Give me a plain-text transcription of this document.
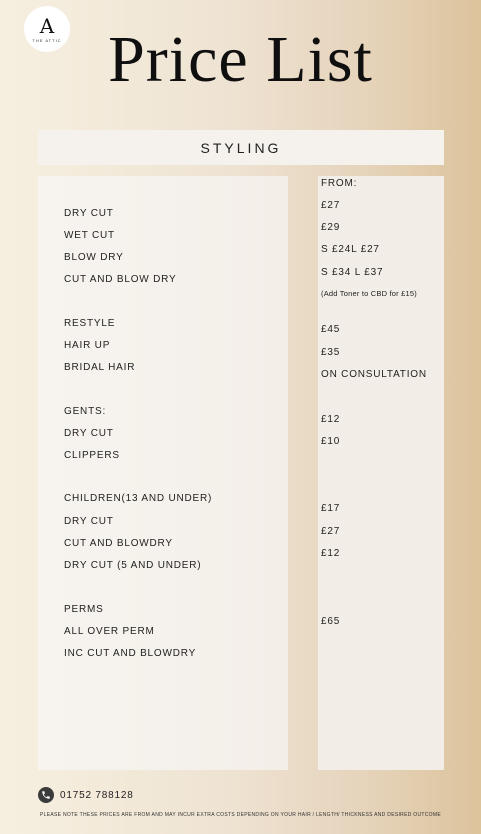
A
THE ATTIC Price List
STYLING
DRY CUT
WET CUT
BLOW DRY
CUT AND BLOW DRY
RESTYLE
HAIR UP
BRIDAL HAIR
GENTS:
DRY CUT
CLIPPERS
CHILDREN(13 AND UNDER)
DRY CUT
CUT AND BLOWDRY
DRY CUT (5 AND UNDER)
PERMS
ALL OVER PERM
INC CUT AND BLOWDRY
FROM:
£27
£29
S £24L £27
S £34 L £37
(Add Toner to CBD for £15)
£45
£35
ON CONSULTATION
£12
£10
£17
£27
£12
£65
01752 788128
PLEASE NOTE THESE PRICES ARE FROM AND MAY INCUR EXTRA COSTS DEPENDING ON YOUR HAIR / LENGTH/ THICKNESS AND DESIRED OUTCOME
